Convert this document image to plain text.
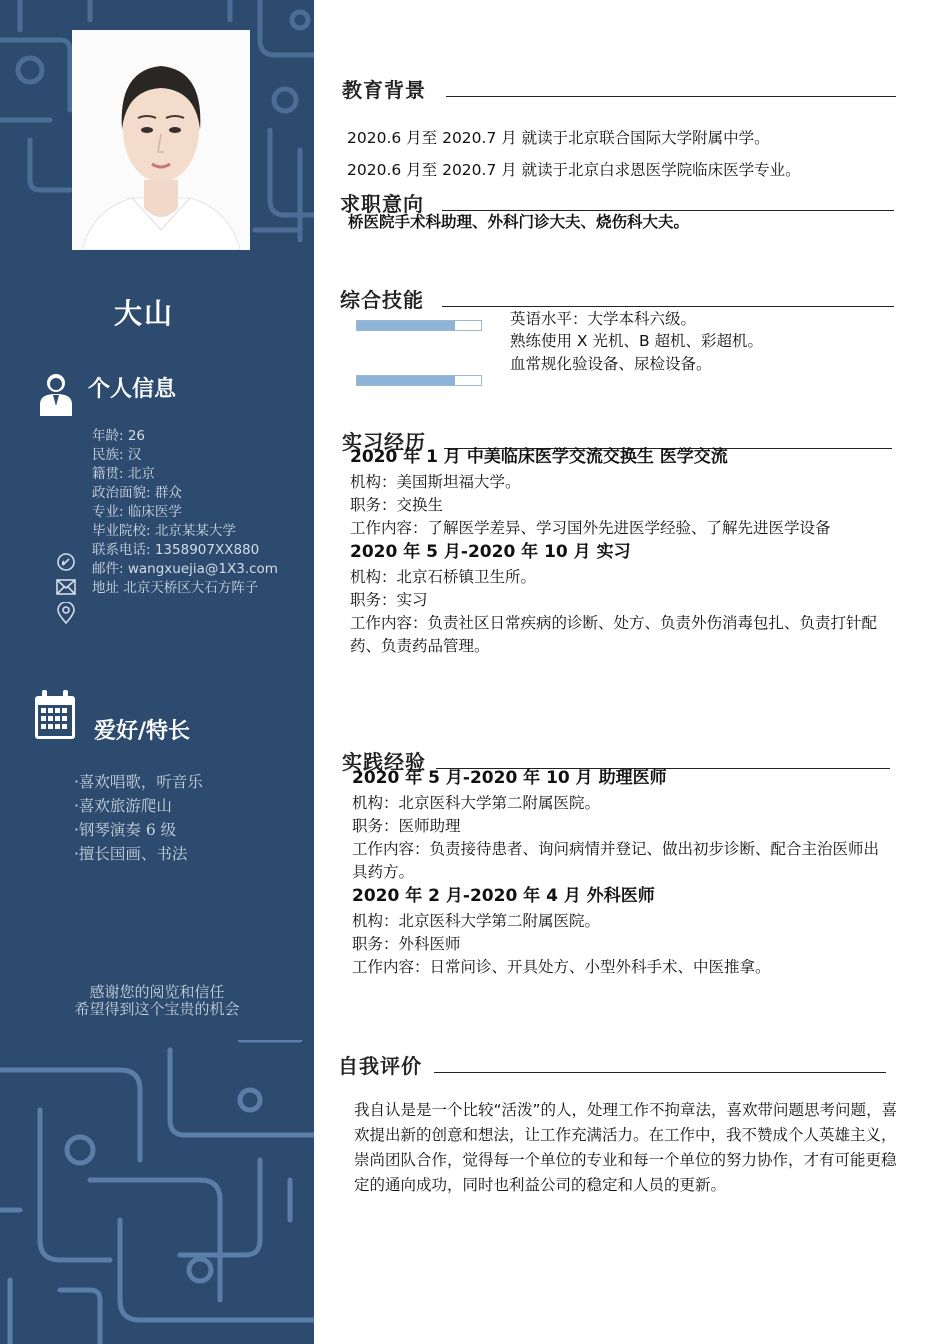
大山
个人信息
年龄: 26
民族: 汉
籍贯: 北京
政治面貌: 群众
专业: 临床医学
毕业院校: 北京某某大学
联系电话: 1358907XX880
邮件: wangxuejia@1X3.com
地址 北京天桥区大石方阵子
爱好/特长
·喜欢唱歌，听音乐
·喜欢旅游爬山
·钢琴演奏 6 级
·擅长国画、书法
感谢您的阅览和信任
希望得到这个宝贵的机会
教育背景
2020.6 月至 2020.7 月 就读于北京联合国际大学附属中学。
2020.6 月至 2020.7 月 就读于北京白求恩医学院临床医学专业。
求职意向
桥医院手术科助理、外科门诊大夫、烧伤科大夫。
综合技能
英语水平：大学本科六级。
熟练使用 X 光机、B 超机、彩超机。
血常规化验设备、尿检设备。
实习经历
2020 年 1 月 中美临床医学交流交换生 医学交流
机构：美国斯坦福大学。
职务：交换生
工作内容：了解医学差异、学习国外先进医学经验、了解先进医学设备
2020 年 5 月-2020 年 10 月 实习
机构：北京石桥镇卫生所。
职务：实习
工作内容：负责社区日常疾病的诊断、处方、负责外伤消毒包扎、负责打针配药、负责药品管理。
实践经验
2020 年 5 月-2020 年 10 月 助理医师
机构：北京医科大学第二附属医院。
职务：医师助理
工作内容：负责接待患者、询问病情并登记、做出初步诊断、配合主治医师出具药方。
2020 年 2 月-2020 年 4 月 外科医师
机构：北京医科大学第二附属医院。
职务：外科医师
工作内容：日常问诊、开具处方、小型外科手术、中医推拿。
自我评价
我自认是是一个比较“活泼”的人，处理工作不拘章法，喜欢带问题思考问题，喜欢提出新的创意和想法，让工作充满活力。在工作中，我不赞成个人英雄主义，崇尚团队合作，觉得每一个单位的专业和每一个单位的努力协作，才有可能更稳定的通向成功，同时也利益公司的稳定和人员的更新。
